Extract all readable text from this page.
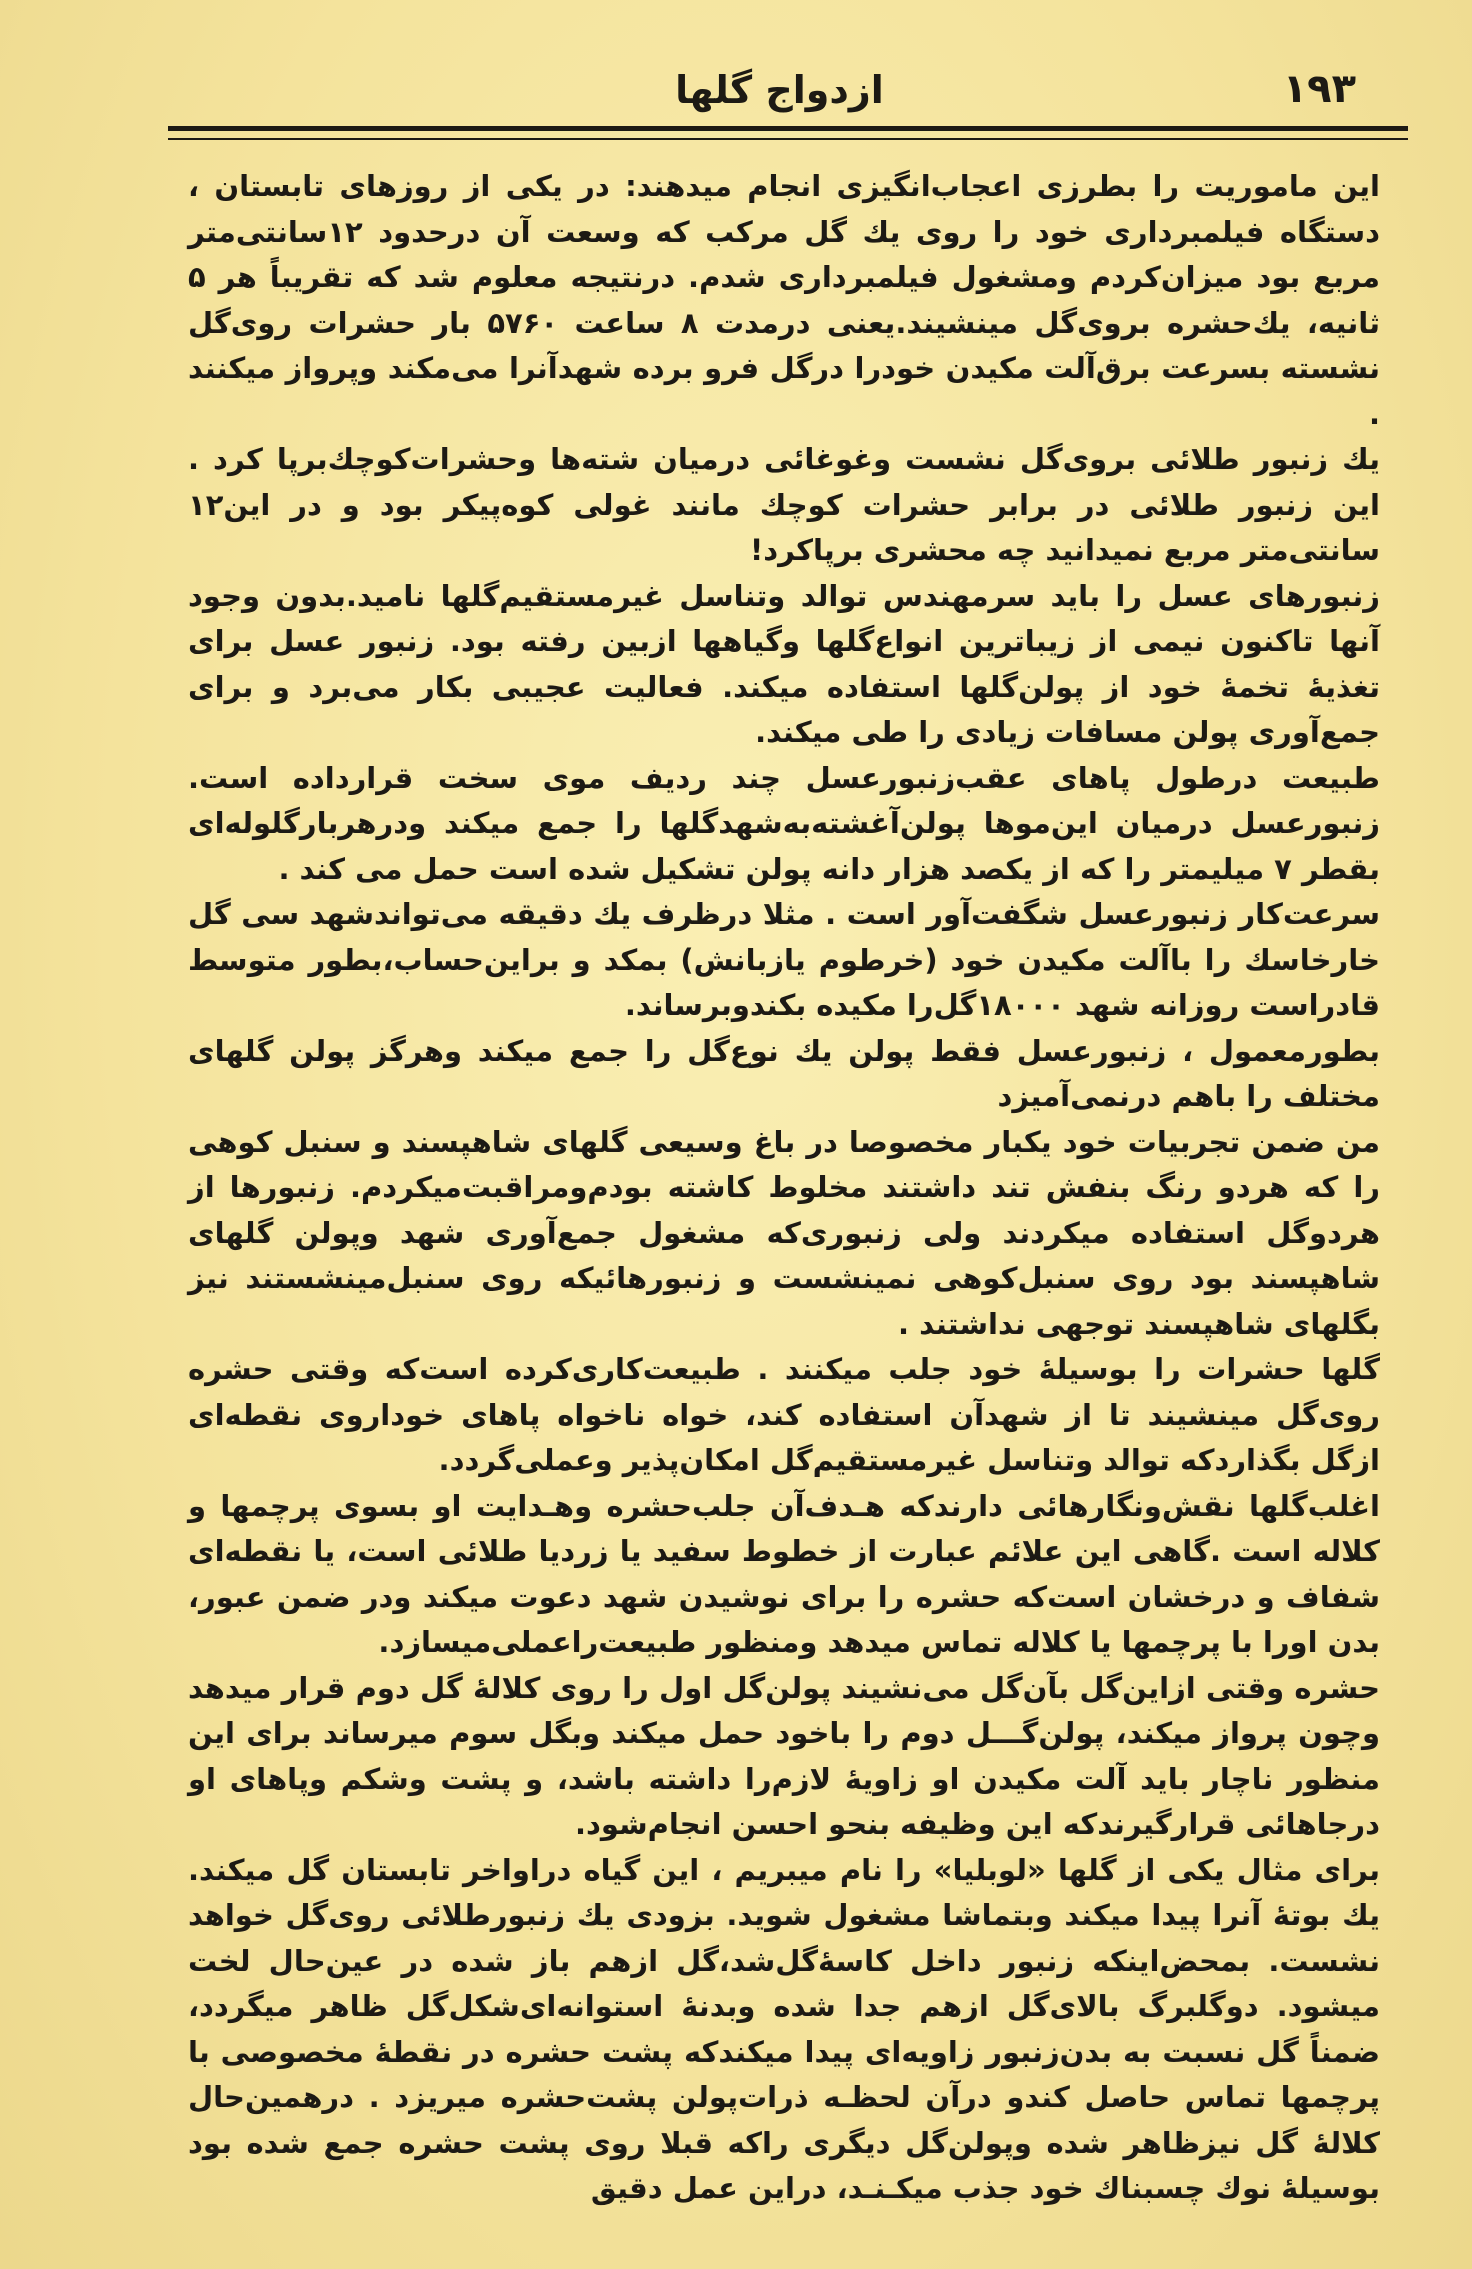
ازدواج گلها	۱۹۳

این ماموریت را بطرزی اعجاب‌انگیزی انجام میدهند: در یکی از روزهای تابستان ، دستگاه فیلمبرداری خود را روی یك گل مرکب که وسعت آن درحدود ۱۲سانتی‌متر مربع بود میزان‌کردم ومشغول فیلمبرداری شدم. درنتیجه معلوم شد که تقریباً هر ۵ ثانیه، یك‌حشره بروی‌گل مینشیند.یعنی درمدت ۸ ساعت ۵۷۶۰ بار حشرات روی‌گل نشسته بسرعت برق‌آلت مکیدن خودرا درگل فرو برده شهدآنرا می‌مکند وپرواز میکنند .

یك زنبور طلائی بروی‌گل نشست وغوغائی درمیان شته‌ها وحشرات‌کوچك‌برپا کرد . این زنبور طلائی در برابر حشرات کوچك مانند غولی کوه‌پیکر بود و در این۱۲ سانتی‌متر مربع نمیدانید چه محشری برپاکرد!

زنبورهای عسل را باید سرمهندس توالد وتناسل غیرمستقیم‌گلها نامید.بدون وجود آنها تاکنون نیمی از زیباترین انواع‌گلها وگیاهها ازبین رفته بود. زنبور عسل برای تغذیهٔ تخمهٔ خود از پولن‌گلها استفاده میکند. فعالیت عجیبی بکار می‌برد و برای جمع‌آوری پولن مسافات زیادی را طی میکند.

طبیعت درطول پاهای عقب‌زنبورعسل چند ردیف موی سخت قرارداده است. زنبورعسل درمیان این‌موها پولن‌آغشته‌به‌شهدگلها را جمع میکند ودرهربارگلوله‌ای بقطر ۷ میلیمتر را که از یکصد هزار دانه پولن تشکیل شده است حمل می کند .

سرعت‌کار زنبورعسل شگفت‌آور است . مثلا درظرف یك دقیقه می‌تواندشهد سی گل خارخاسك را باآلت مکیدن خود (خرطوم یازبانش) بمکد و براین‌حساب،بطور متوسط قادراست روزانه شهد ۱۸۰۰۰گل‌را مکیده بکندوبرساند.

بطورمعمول ، زنبورعسل فقط پولن یك نوع‌گل را جمع میکند وهرگز پولن گلهای مختلف را باهم درنمی‌آمیزد

من ضمن تجربیات خود یکبار مخصوصا در باغ وسیعی گلهای شاهپسند و سنبل کوهی را که هردو رنگ بنفش تند داشتند مخلوط کاشته بودم‌ومراقبت‌میکردم. زنبورها از هردوگل استفاده میکردند ولی زنبوری‌که مشغول جمع‌آوری شهد وپولن گلهای شاهپسند بود روی سنبل‌کوهی نمینشست و زنبورهائیکه روی سنبل‌مینشستند نیز بگلهای شاهپسند توجهی نداشتند .

گلها حشرات را بوسیلهٔ خود جلب میکنند . طبیعت‌کاری‌کرده است‌که وقتی حشره روی‌گل مینشیند تا از شهدآن استفاده کند، خواه ناخواه پاهای خوداروی نقطه‌ای ازگل بگذاردکه توالد وتناسل غیرمستقیم‌گل امکان‌پذیر وعملی‌گردد.

اغلب‌گلها نقش‌ونگارهائی دارندکه هـدف‌آن جلب‌حشره وهـدایت او بسوی پرچمها و کلاله است .گاهی این علائم عبارت از خطوط سفید یا زردیا طلائی است، یا نقطه‌ای شفاف و درخشان است‌که حشره را برای نوشیدن شهد دعوت میکند ودر ضمن عبور، بدن اورا با پرچمها یا کلاله تماس میدهد ومنظور طبیعت‌راعملی‌میسازد.

حشره وقتی ازاین‌گل بآن‌گل می‌نشیند پولن‌گل اول را روی کلالهٔ گل دوم قرار میدهد وچون پرواز میکند، پولن‌گـــل دوم را باخود حمل میکند وبگل سوم میرساند برای این منظور ناچار باید آلت مکیدن او زاویهٔ لازم‌را داشته باشد، و پشت وشکم وپاهای او درجاهائی قرارگیرندکه این وظیفه بنحو احسن انجام‌شود.

برای مثال یکی از گلها «لوبلیا» را نام میبریم ، این گیاه دراواخر تابستان گل میکند. یك بوتهٔ آنرا پیدا میکند وبتماشا مشغول شوید. بزودی یك زنبورطلائی روی‌گل خواهد نشست. بمحض‌اینکه زنبور داخل کاسهٔ‌گل‌شد،گل ازهم باز شده در عین‌حال لخت میشود. دوگلبرگ بالای‌گل ازهم جدا شده وبدنهٔ استوانه‌ای‌شکل‌گل ظاهر میگردد، ضمناً گل نسبت به بدن‌زنبور زاویه‌ای پیدا میکندکه پشت حشره در نقطهٔ مخصوصی با پرچمها تماس حاصل کندو درآن لحظـه ذرات‌پولن پشت‌حشره میریزد . درهمین‌حال کلالهٔ گل نیزظاهر شده وپولن‌گل دیگری راکه قبلا روی پشت حشره جمع شده بود بوسیلهٔ نوك چسبناك خود جذب میکـنـد، دراین عمل دقیق
